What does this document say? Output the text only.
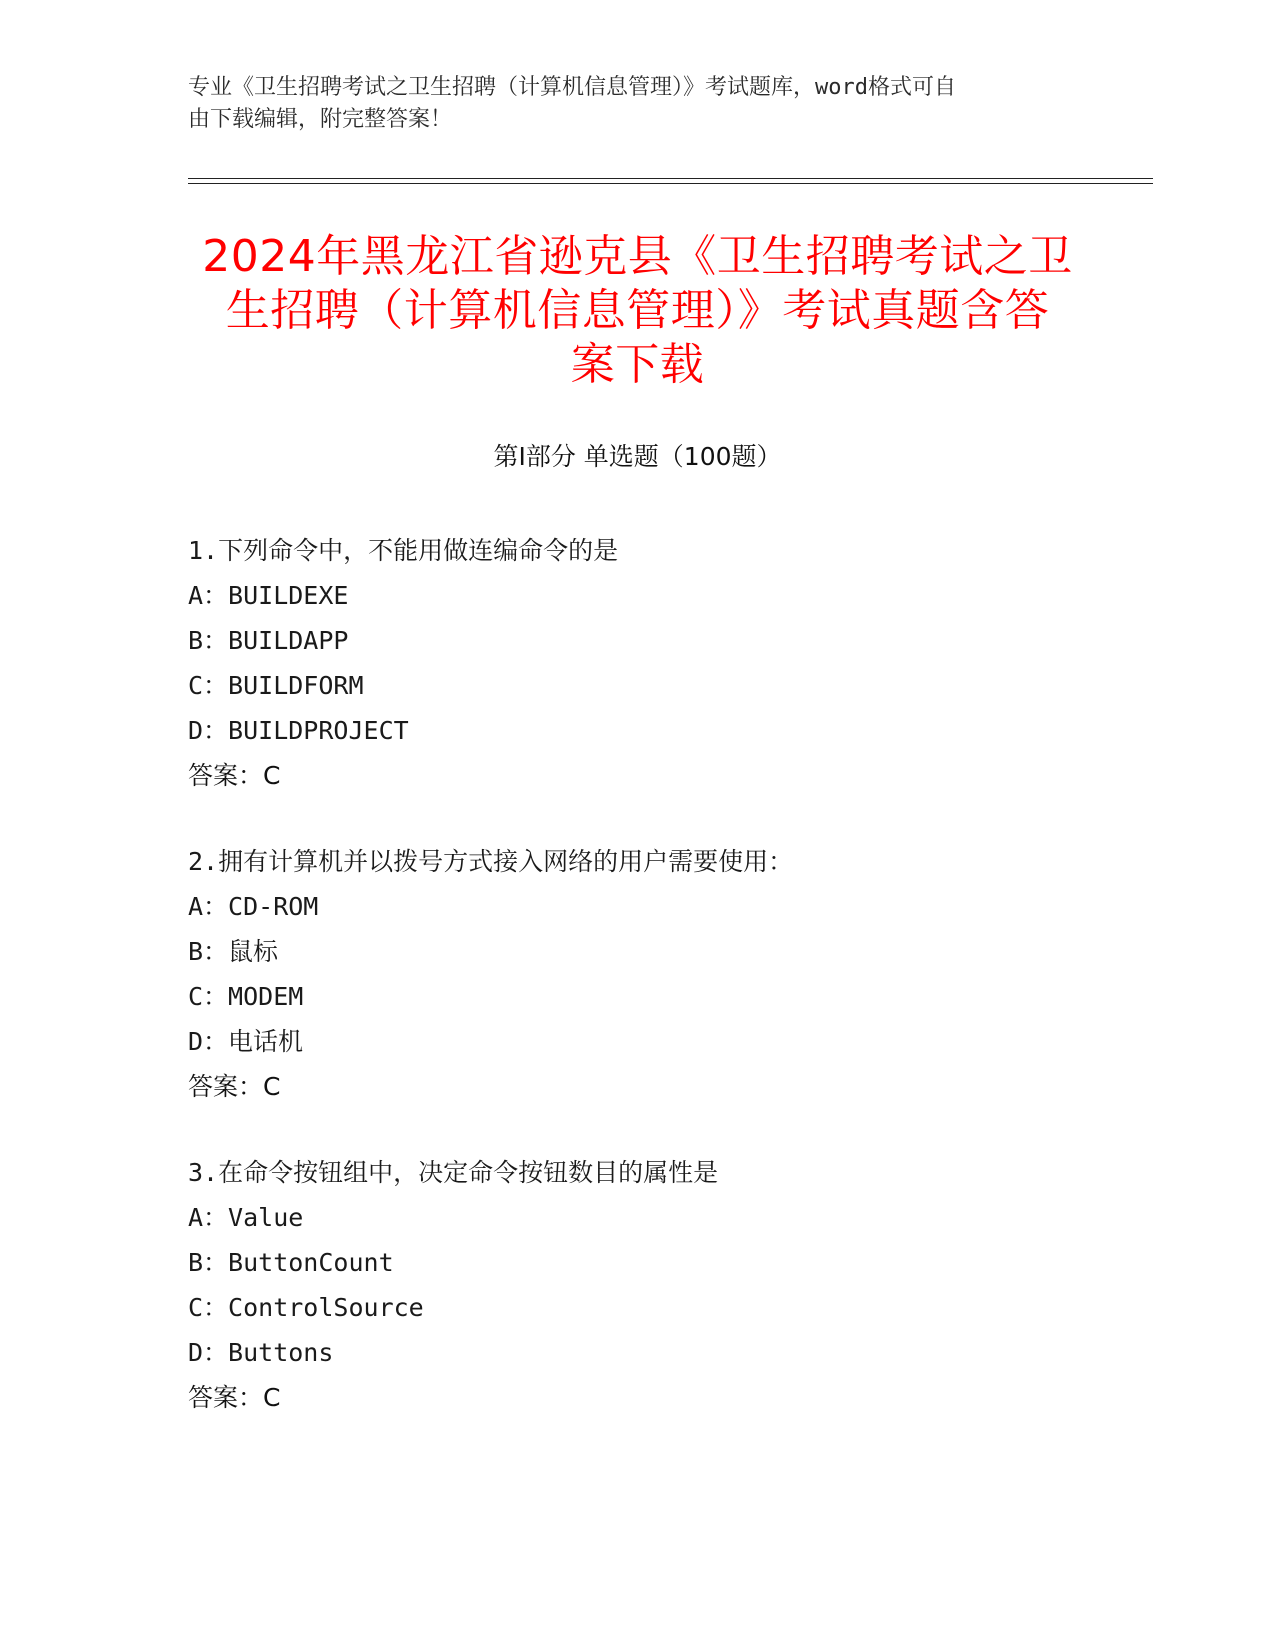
专业《卫生招聘考试之卫生招聘（计算机信息管理）》考试题库，word格式可自
由下载编辑，附完整答案！
2024年黑龙江省逊克县《卫生招聘考试之卫
生招聘（计算机信息管理）》考试真题含答
案下载
第Ⅰ部分 单选题（100题）
1.下列命令中，不能用做连编命令的是
A：BUILDEXE
B：BUILDAPP
C：BUILDFORM
D：BUILDPROJECT
答案：C
2.拥有计算机并以拨号方式接入网络的用户需要使用：
A：CD-ROM
B：鼠标
C：MODEM
D：电话机
答案：C
3.在命令按钮组中，决定命令按钮数目的属性是
A：Value
B：ButtonCount
C：ControlSource
D：Buttons
答案：C
